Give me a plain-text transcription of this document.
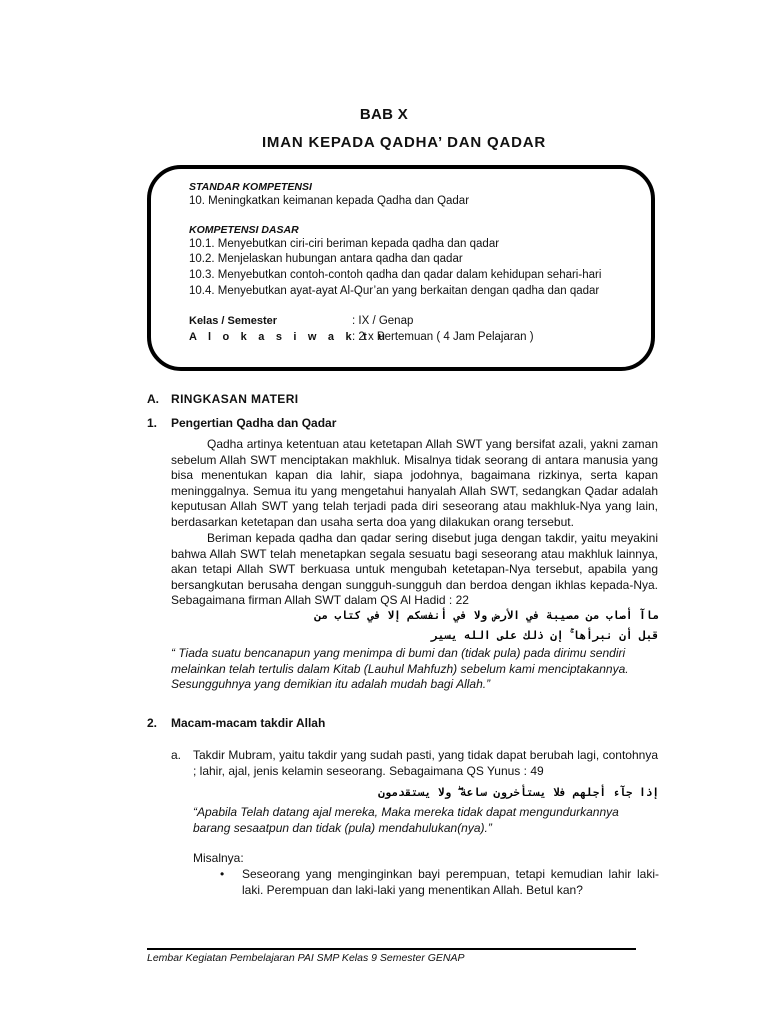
BAB X
IMAN KEPADA QADHA’ DAN QADAR
STANDAR KOMPETENSI
10. Meningkatkan keimanan kepada Qadha dan Qadar
KOMPETENSI DASAR
10.1. Menyebutkan ciri-ciri beriman kepada qadha dan qadar
10.2. Menjelaskan hubungan antara qadha dan qadar
10.3. Menyebutkan contoh-contoh qadha dan qadar dalam kehidupan sehari-hari
10.4. Menyebutkan ayat-ayat Al-Qur’an yang berkaitan dengan qadha dan qadar
Kelas / Semester	: IX / Genap
A l o k a s i w a k t u
: 2 x Pertemuan ( 4 Jam Pelajaran )
A. RINGKASAN MATERI
1. Pengertian Qadha dan Qadar
Qadha artinya ketentuan atau ketetapan Allah SWT yang bersifat azali, yakni zaman sebelum Allah SWT menciptakan makhluk. Misalnya tidak seorang di antara manusia yang bisa menentukan kapan dia lahir, siapa jodohnya, bagaimana rizkinya, serta kapan meninggalnya. Semua itu yang mengetahui hanyalah Allah SWT, sedangkan Qadar adalah keputusan Allah SWT yang telah terjadi pada diri seseorang atau makhluk-Nya yang lain, berdasarkan ketetapan dan usaha serta doa yang dilakukan orang tersebut.
Beriman kepada qadha dan qadar sering disebut juga dengan takdir, yaitu meyakini bahwa Allah SWT telah menetapkan segala sesuatu bagi seseorang atau makhluk lainnya, akan tetapi Allah SWT berkuasa untuk mengubah ketetapan-Nya tersebut, apabila yang bersangkutan berusaha dengan sungguh-sungguh dan berdoa dengan ikhlas kepada-Nya. Sebagaimana firman Allah SWT dalam QS Al Hadid : 22
ﻣﺎﺁ ﺃﺻﺎﺏ ﻣﻦ ﻣﺼﻴﺒﺔ ﻓﻲ ﺍﻷﺭﺽ ﻭﻻ ﻓﻲ ﺃﻧﻔﺴﻜﻢ ﺇﻻ ﻓﻲ ﻛﺘﺎﺏ ﻣﻦ
ﻗﺒﻞ ﺃﻥ ﻧﺒﺮﺃﻫﺎ ۚ ﺇﻥ ﺫﻟﻚ ﻋﻠﻰ ﺍﻟﻠﻪ ﻳﺴﻴﺮ
“ Tiada suatu bencanapun yang menimpa di bumi dan (tidak pula) pada dirimu sendiri melainkan telah tertulis dalam Kitab (Lauhul Mahfuzh) sebelum kami menciptakannya. Sesungguhnya yang demikian itu adalah mudah bagi Allah.”
2. Macam-macam takdir Allah
a. Takdir Mubram, yaitu takdir yang sudah pasti, yang tidak dapat berubah lagi, contohnya ; lahir, ajal, jenis kelamin seseorang. Sebagaimana QS Yunus : 49
ﺇﺫﺍ ﺟﺂﺀ ﺃﺟﻠﻬﻢ ﻓﻼ ﻳﺴﺘﺄﺧﺮﻭﻥ ﺳﺎﻋﺔ ۖ ﻭﻻ ﻳﺴﺘﻘﺪﻣﻮﻥ
“Apabila Telah datang ajal mereka, Maka mereka tidak dapat mengundurkannya barang sesaatpun dan tidak (pula) mendahulukan(nya).”
Misalnya:
• Seseorang yang menginginkan bayi perempuan, tetapi kemudian lahir laki-laki. Perempuan dan laki-laki yang menentikan Allah. Betul kan?
Lembar Kegiatan Pembelajaran PAI SMP Kelas 9 Semester GENAP
